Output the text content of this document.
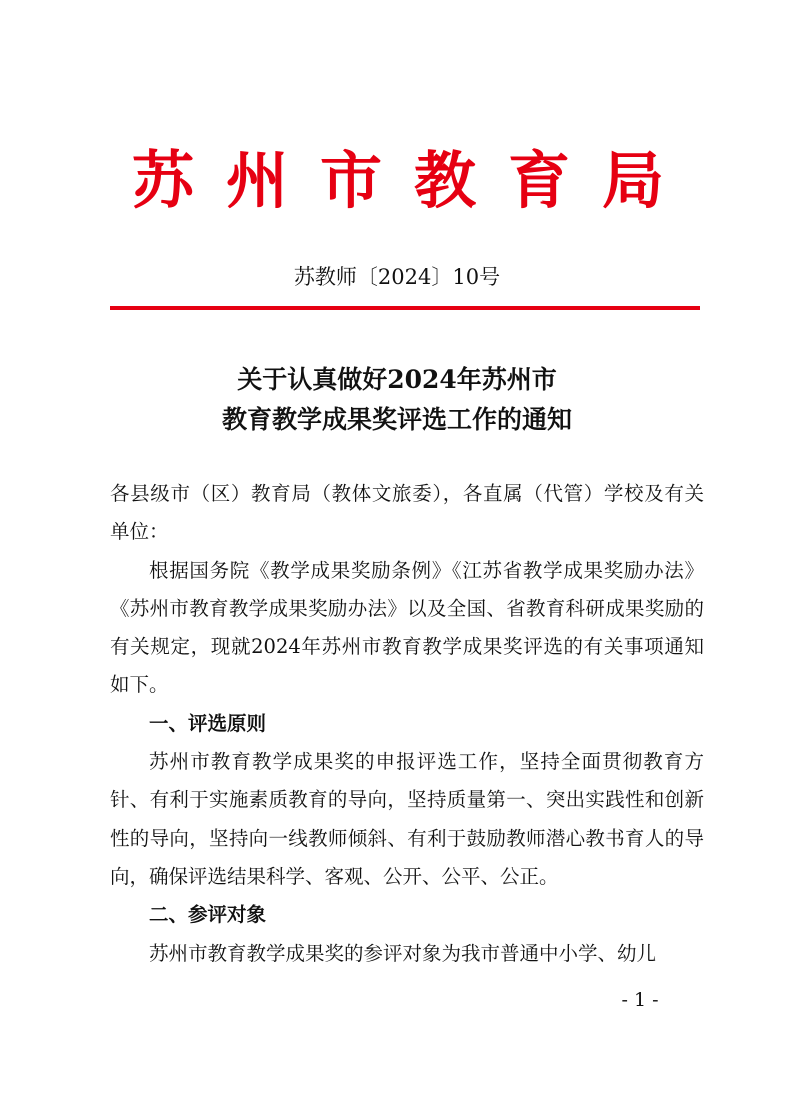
苏州市教育局
苏教师〔2024〕10号
关于认真做好2024年苏州市
教育教学成果奖评选工作的通知

各县级市（区）教育局（教体文旅委），各直属（代管）学校及有关单位：

根据国务院《教学成果奖励条例》《江苏省教学成果奖励办法》《苏州市教育教学成果奖励办法》以及全国、省教育科研成果奖励的有关规定，现就2024年苏州市教育教学成果奖评选的有关事项通知如下。

一、评选原则

苏州市教育教学成果奖的申报评选工作，坚持全面贯彻教育方针、有利于实施素质教育的导向，坚持质量第一、突出实践性和创新性的导向，坚持向一线教师倾斜、有利于鼓励教师潜心教书育人的导向，确保评选结果科学、客观、公开、公平、公正。

二、参评对象

苏州市教育教学成果奖的参评对象为我市普通中小学、幼儿

- 1 -
